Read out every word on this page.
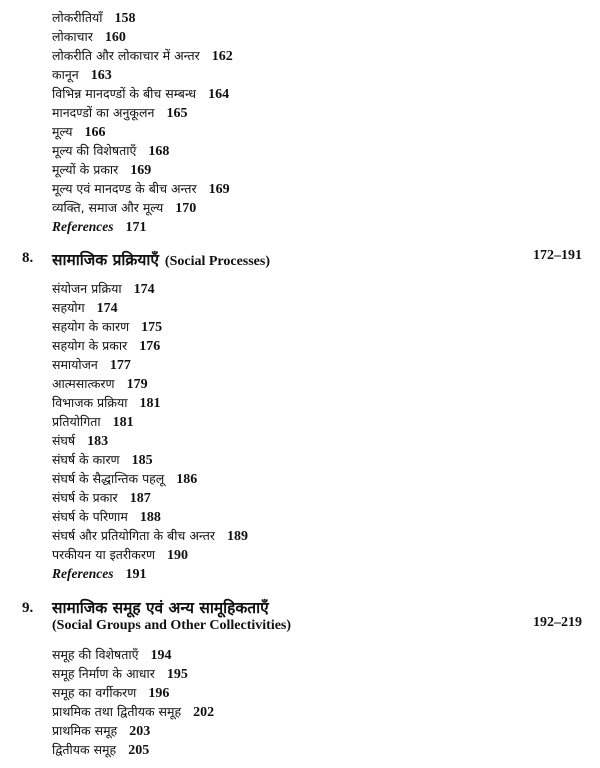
लोकरीतियाँ 158
लोकाचार 160
लोकरीति और लोकाचार में अन्तर 162
कानून 163
विभिन्न मानदण्डों के बीच सम्बन्ध 164
मानदण्डों का अनुकूलन 165
मूल्य 166
मूल्य की विशेषताएँ 168
मूल्यों के प्रकार 169
मूल्य एवं मानदण्ड के बीच अन्तर 169
व्यक्ति, समाज और मूल्य 170
References 171
8. सामाजिक प्रक्रियाएँ (Social Processes)	172–191
संयोजन प्रक्रिया 174
सहयोग 174
सहयोग के कारण 175
सहयोग के प्रकार 176
समायोजन 177
आत्मसात्करण 179
विभाजक प्रक्रिया 181
प्रतियोगिता 181
संघर्ष 183
संघर्ष के कारण 185
संघर्ष के सैद्धान्तिक पहलू 186
संघर्ष के प्रकार 187
संघर्ष के परिणाम 188
संघर्ष और प्रतियोगिता के बीच अन्तर 189
परकीयन या इतरीकरण 190
References 191
9. सामाजिक समूह एवं अन्य सामूहिकताएँ
(Social Groups and Other Collectivities)	192–219
समूह की विशेषताएँ 194
समूह निर्माण के आधार 195
समूह का वर्गीकरण 196
प्राथमिक तथा द्वितीयक समूह 202
प्राथमिक समूह 203
द्वितीयक समूह 205
